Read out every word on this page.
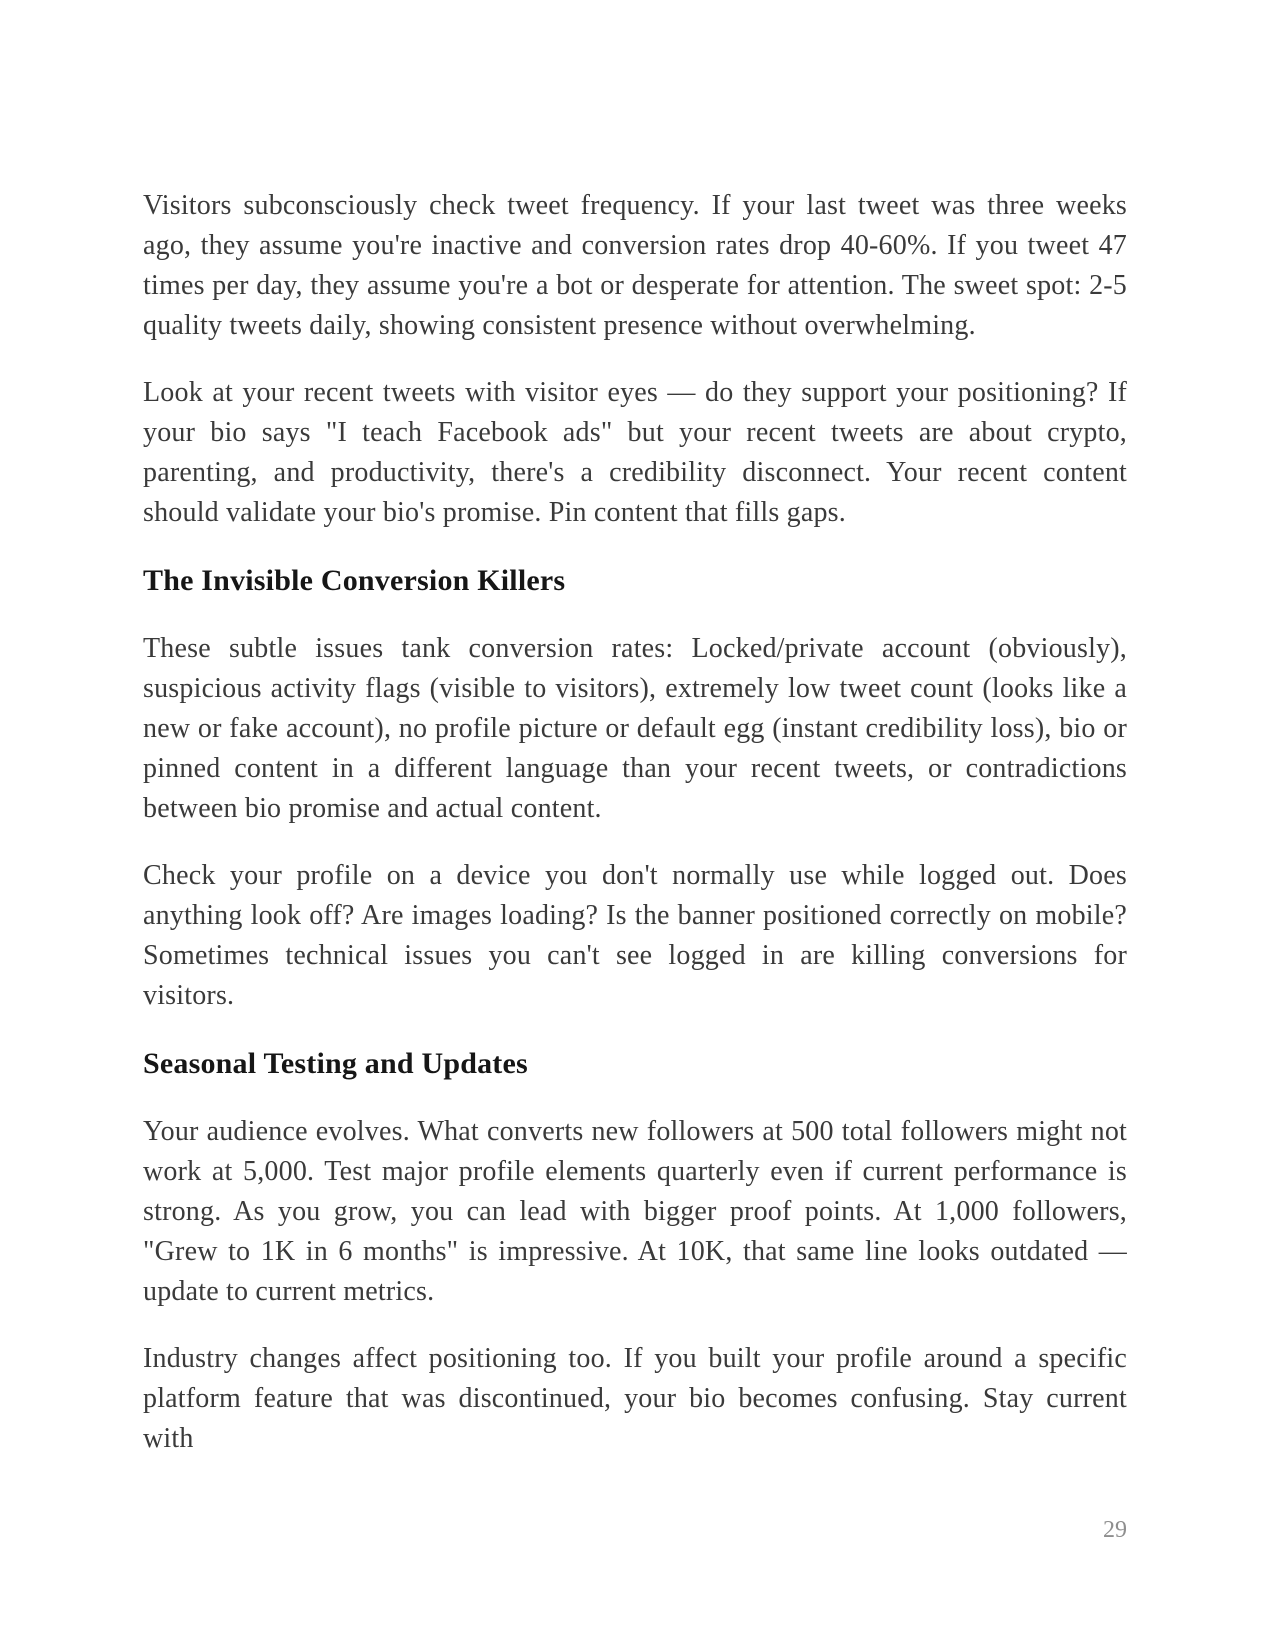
Visitors subconsciously check tweet frequency. If your last tweet was three weeks ago, they assume you're inactive and conversion rates drop 40-60%. If you tweet 47 times per day, they assume you're a bot or desperate for attention. The sweet spot: 2-5 quality tweets daily, showing consistent presence without overwhelming.

Look at your recent tweets with visitor eyes — do they support your positioning? If your bio says "I teach Facebook ads" but your recent tweets are about crypto, parenting, and productivity, there's a credibility disconnect. Your recent content should validate your bio's promise. Pin content that fills gaps.

The Invisible Conversion Killers

These subtle issues tank conversion rates: Locked/private account (obviously), suspicious activity flags (visible to visitors), extremely low tweet count (looks like a new or fake account), no profile picture or default egg (instant credibility loss), bio or pinned content in a different language than your recent tweets, or contradictions between bio promise and actual content.

Check your profile on a device you don't normally use while logged out. Does anything look off? Are images loading? Is the banner positioned correctly on mobile? Sometimes technical issues you can't see logged in are killing conversions for visitors.

Seasonal Testing and Updates

Your audience evolves. What converts new followers at 500 total followers might not work at 5,000. Test major profile elements quarterly even if current performance is strong. As you grow, you can lead with bigger proof points. At 1,000 followers, "Grew to 1K in 6 months" is impressive. At 10K, that same line looks outdated — update to current metrics.

Industry changes affect positioning too. If you built your profile around a specific platform feature that was discontinued, your bio becomes confusing. Stay current with

29
